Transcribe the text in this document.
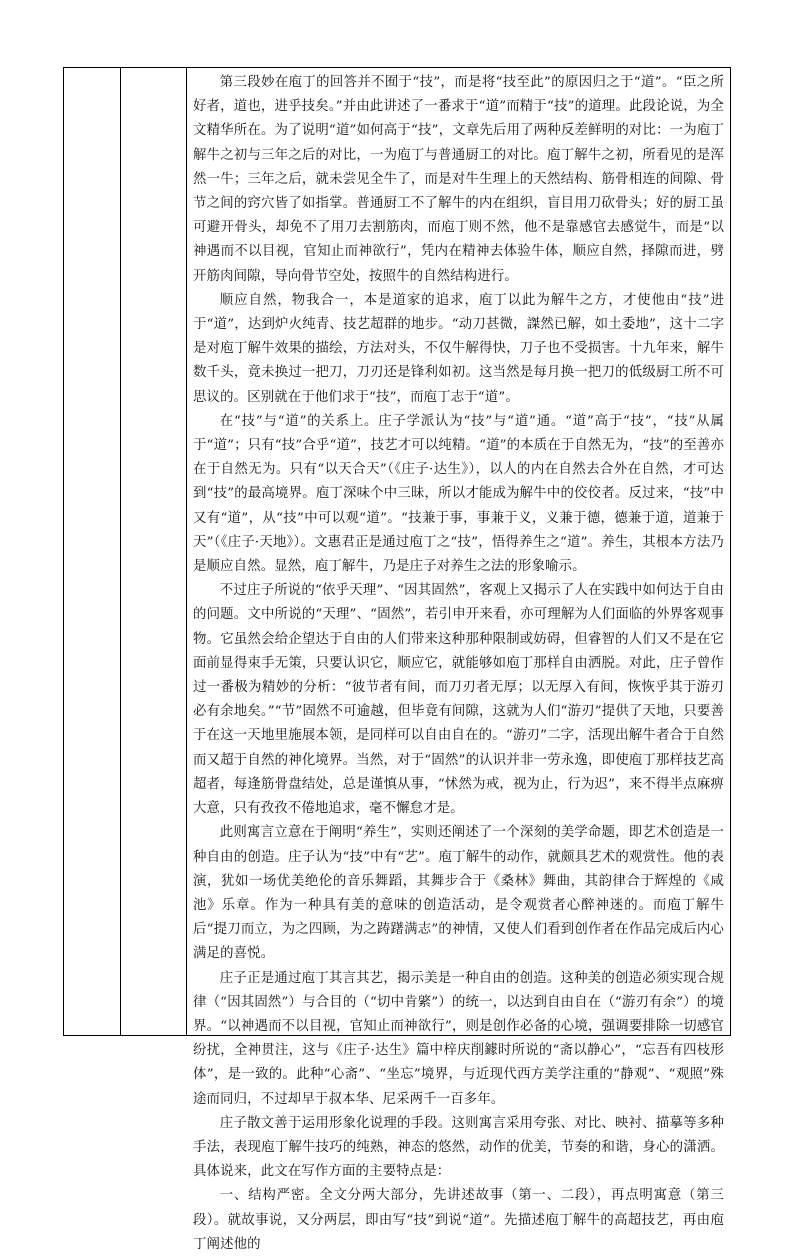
第三段妙在庖丁的回答并不囿于“技”，而是将“技至此”的原因归之于“道”。“臣之所好者，道也，进乎技矣。”并由此讲述了一番求于“道”而精于“技”的道理。此段论说，为全文精华所在。为了说明“道”如何高于“技”，文章先后用了两种反差鲜明的对比：一为庖丁解牛之初与三年之后的对比，一为庖丁与普通厨工的对比。庖丁解牛之初，所看见的是浑然一牛；三年之后，就未尝见全牛了，而是对牛生理上的天然结构、筋骨相连的间隙、骨节之间的窍穴皆了如指掌。普通厨工不了解牛的内在组织，盲目用刀砍骨头；好的厨工虽可避开骨头，却免不了用刀去割筋肉，而庖丁则不然，他不是靠感官去感觉牛，而是“以神遇而不以目视，官知止而神欲行”，凭内在精神去体验牛体，顺应自然，择隙而进，劈开筋肉间隙，导向骨节空处，按照牛的自然结构进行。

顺应自然，物我合一，本是道家的追求，庖丁以此为解牛之方，才使他由“技”进于“道”，达到炉火纯青、技艺超群的地步。“动刀甚微，謋然已解，如土委地”，这十二字是对庖丁解牛效果的描绘，方法对头，不仅牛解得快，刀子也不受损害。十九年来，解牛数千头，竟未换过一把刀，刀刃还是锋利如初。这当然是每月换一把刀的低级厨工所不可思议的。区别就在于他们求于“技”，而庖丁志于“道”。

在“技”与“道”的关系上。庄子学派认为“技”与“道”通。“道”高于“技”，“技”从属于“道”；只有“技”合乎“道”，技艺才可以纯精。“道”的本质在于自然无为，“技”的至善亦在于自然无为。只有“以天合天”（《庄子·达生》），以人的内在自然去合外在自然，才可达到“技”的最高境界。庖丁深味个中三昧，所以才能成为解牛中的佼佼者。反过来，“技”中又有“道”，从“技”中可以观“道”。“技兼于事，事兼于义，义兼于德，德兼于道，道兼于天”（《庄子·天地》）。文惠君正是通过庖丁之“技”，悟得养生之“道”。养生，其根本方法乃是顺应自然。显然，庖丁解牛，乃是庄子对养生之法的形象喻示。

不过庄子所说的“依乎天理”、“因其固然”，客观上又揭示了人在实践中如何达于自由的问题。文中所说的“天理”、“固然”，若引申开来看，亦可理解为人们面临的外界客观事物。它虽然会给企望达于自由的人们带来这种那种限制或妨碍，但睿智的人们又不是在它面前显得束手无策，只要认识它，顺应它，就能够如庖丁那样自由洒脱。对此，庄子曾作过一番极为精妙的分析：“彼节者有间，而刀刃者无厚；以无厚入有间，恢恢乎其于游刃必有余地矣。”“节”固然不可逾越，但毕竟有间隙，这就为人们“游刃”提供了天地，只要善于在这一天地里施展本领，是同样可以自由自在的。“游刃”二字，活现出解牛者合于自然而又超于自然的神化境界。当然，对于“固然”的认识并非一劳永逸，即使庖丁那样技艺高超者，每逢筋骨盘结处，总是谨慎从事，“怵然为戒，视为止，行为迟”，来不得半点麻痹大意，只有孜孜不倦地追求，毫不懈怠才是。

此则寓言立意在于阐明“养生”，实则还阐述了一个深刻的美学命题，即艺术创造是一种自由的创造。庄子认为“技”中有“艺”。庖丁解牛的动作，就颇具艺术的观赏性。他的表演，犹如一场优美绝伦的音乐舞蹈，其舞步合于《桑林》舞曲，其韵律合于辉煌的《咸池》乐章。作为一种具有美的意味的创造活动，是令观赏者心醉神迷的。而庖丁解牛后“提刀而立，为之四顾，为之踌躇满志”的神情，又使人们看到创作者在作品完成后内心满足的喜悦。

庄子正是通过庖丁其言其艺，揭示美是一种自由的创造。这种美的创造必须实现合规律（“因其固然”）与合目的（“切中肯綮”）的统一，以达到自由自在（“游刃有余”）的境界。“以神遇而不以目视，官知止而神欲行”，则是创作必备的心境，强调要排除一切感官纷扰，全神贯注，这与《庄子·达生》篇中梓庆削鐻时所说的“斋以静心”，“忘吾有四枝形体”，是一致的。此种“心斋”、“坐忘”境界，与近现代西方美学注重的“静观”、“观照”殊途而同归，不过却早于叔本华、尼采两千一百多年。

庄子散文善于运用形象化说理的手段。这则寓言采用夸张、对比、映衬、描摹等多种手法，表现庖丁解牛技巧的纯熟，神态的悠然，动作的优美，节奏的和谐，身心的潇洒。具体说来，此文在写作方面的主要特点是：

一、结构严密。全文分两大部分，先讲述故事（第一、二段），再点明寓意（第三段）。就故事说，又分两层，即由写“技”到说“道”。先描述庖丁解牛的高超技艺，再由庖丁阐述他的
